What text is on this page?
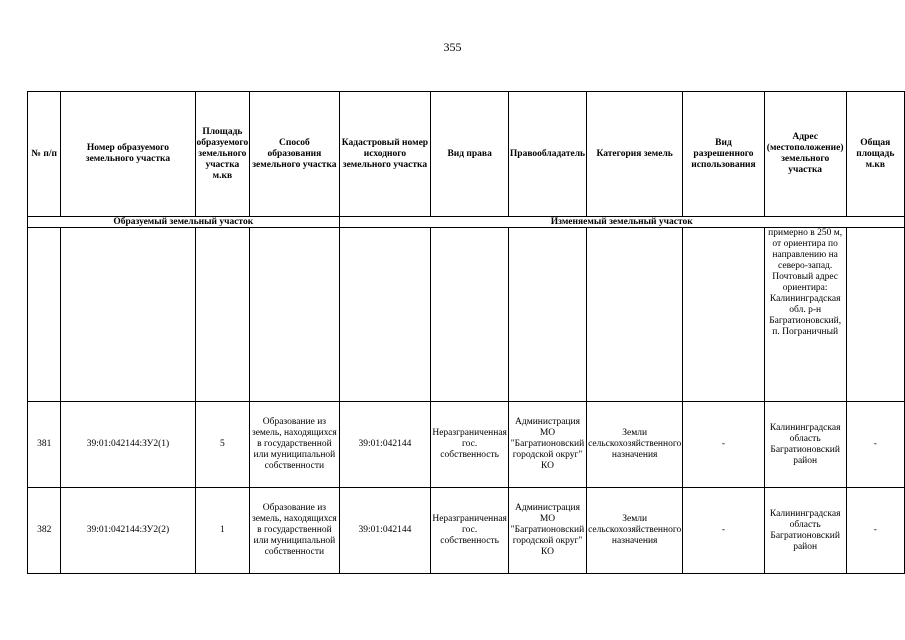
355
№ п/п	Номер образуемого земельного участка	Площадь образуемого земельного участка м.кв	Способ образования земельного участка	Кадастровый номер исходного земельного участка	Вид права	Правообладатель	Категория земель	Вид разрешенного использования	Адрес (местоположение) земельного участка	Общая площадь м.кв
Образуемый земельный участок				Изменяемый земельный участок						
									примерно в 250 м, от ориентира по направлению на северо-запад. Почтовый адрес ориентира: Калининградская обл. р-н Багратионовский, п. Пограничный	
381	39:01:042144:ЗУ2(1)	5	Образование из земель, находящихся в государственной или муниципальной собственности	39:01:042144	Неразграниченная гос. собственность	Администрация МО "Багратионовский городской округ" КО	Земли сельскохозяйственного назначения	-	Калининградская область Багратионовский район	-
382	39:01:042144:ЗУ2(2)	1	Образование из земель, находящихся в государственной или муниципальной собственности	39:01:042144	Неразграниченная гос. собственность	Администрация МО "Багратионовский городской округ" КО	Земли сельскохозяйственного назначения	-	Калининградская область Багратионовский район	-
